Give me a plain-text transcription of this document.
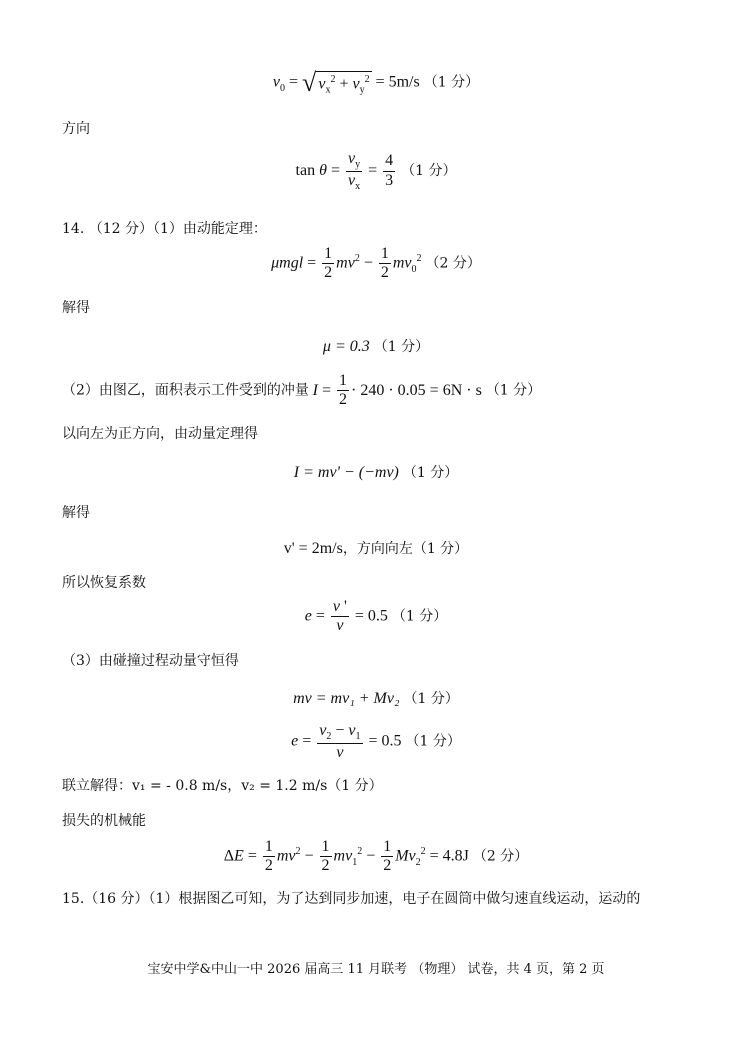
$v_0$ = √ $v_x^2 + v_y^2 = 5m/s$ （1 分）
方向
$\tan \theta = \frac{v_y}{v_x} = \frac{4}{3} (1$ 分）
14. （12 分）（1）由动能定理：
$\mu mgl = \frac{1}{2} mv^2 - \frac{1}{2} mv_0^2$ （2 分）
解得
μ = 0.3 （1 分）
（2）由图乙，面积表示工件受到的冲量 $I = \frac{1}{2} \cdot 240 \cdot 0.05 = 6N \cdot s$ （1 分）
以向左为正方向，由动量定理得
I = mv' − (−mv) （1 分）
解得
v' = 2m/s，方向向左（1 分）
所以恢复系数
$e = \frac{v '}{v} = 0.5$ （1 分）
（3）由碰撞过程动量守恒得
mv = mv₁ + Mv₂ （1 分）
$e = \frac{v_2 - v_1}{v} = 0.5$ （1 分）
联立解得：v₁ = - 0.8 m/s，v₂ = 1.2 m/s（1 分）
损失的机械能
$\Delta E = \frac{1}{2} mv^2 - \frac{1}{2} mv_1^2 - \frac{1}{2} Mv_2^2 = 4.8J$ （2 分）
15.（16 分）（1）根据图乙可知，为了达到同步加速，电子在圆筒中做匀速直线运动，运动的
宝安中学&中山一中 2026 届高三 11 月联考 （物理） 试卷，共 4 页，第 2 页
